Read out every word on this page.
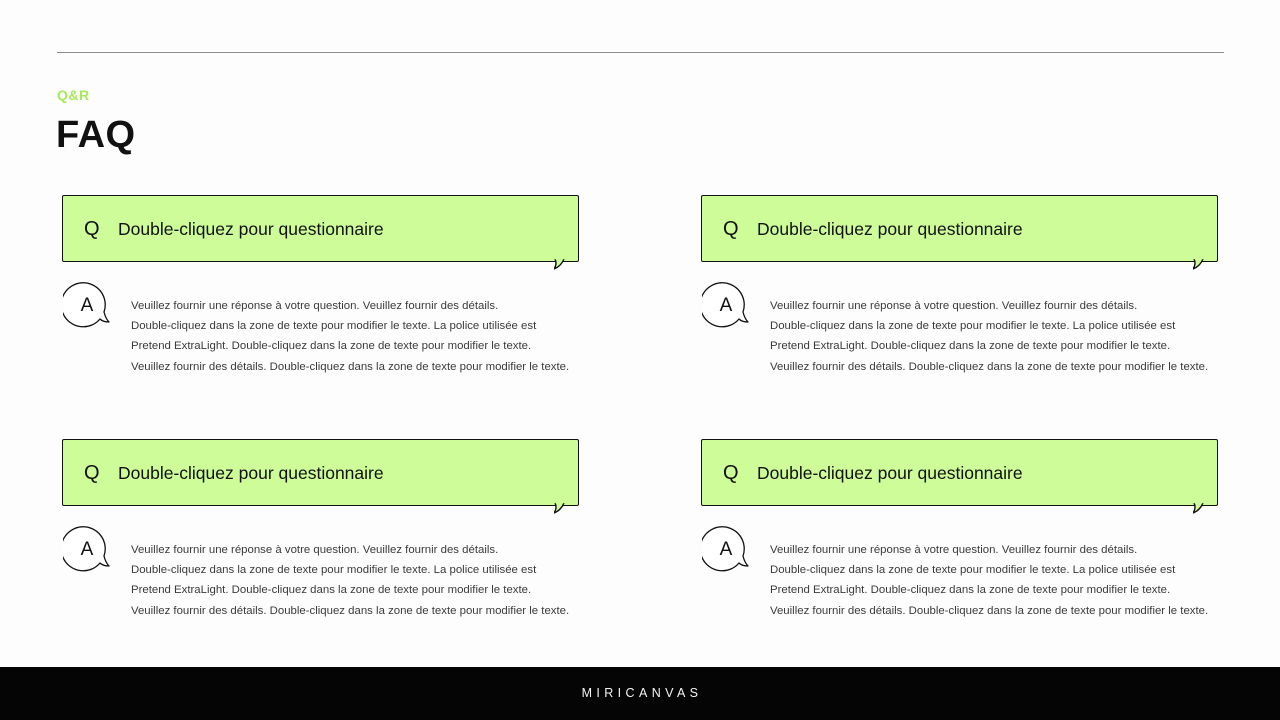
Q&R
FAQ
Q Double-cliquez pour questionnaire
A	Veuillez fournir une réponse à votre question. Veuillez fournir des détails.
Double-cliquez dans la zone de texte pour modifier le texte. La police utilisée est
Pretend ExtraLight. Double-cliquez dans la zone de texte pour modifier le texte.
Veuillez fournir des détails. Double-cliquez dans la zone de texte pour modifier le texte.
Q Double-cliquez pour questionnaire
A	Veuillez fournir une réponse à votre question. Veuillez fournir des détails.
Double-cliquez dans la zone de texte pour modifier le texte. La police utilisée est
Pretend ExtraLight. Double-cliquez dans la zone de texte pour modifier le texte.
Veuillez fournir des détails. Double-cliquez dans la zone de texte pour modifier le texte.
Q Double-cliquez pour questionnaire
A	Veuillez fournir une réponse à votre question. Veuillez fournir des détails.
Double-cliquez dans la zone de texte pour modifier le texte. La police utilisée est
Pretend ExtraLight. Double-cliquez dans la zone de texte pour modifier le texte.
Veuillez fournir des détails. Double-cliquez dans la zone de texte pour modifier le texte.
Q Double-cliquez pour questionnaire
A	Veuillez fournir une réponse à votre question. Veuillez fournir des détails.
Double-cliquez dans la zone de texte pour modifier le texte. La police utilisée est
Pretend ExtraLight. Double-cliquez dans la zone de texte pour modifier le texte.
Veuillez fournir des détails. Double-cliquez dans la zone de texte pour modifier le texte.
MIRICANVAS
